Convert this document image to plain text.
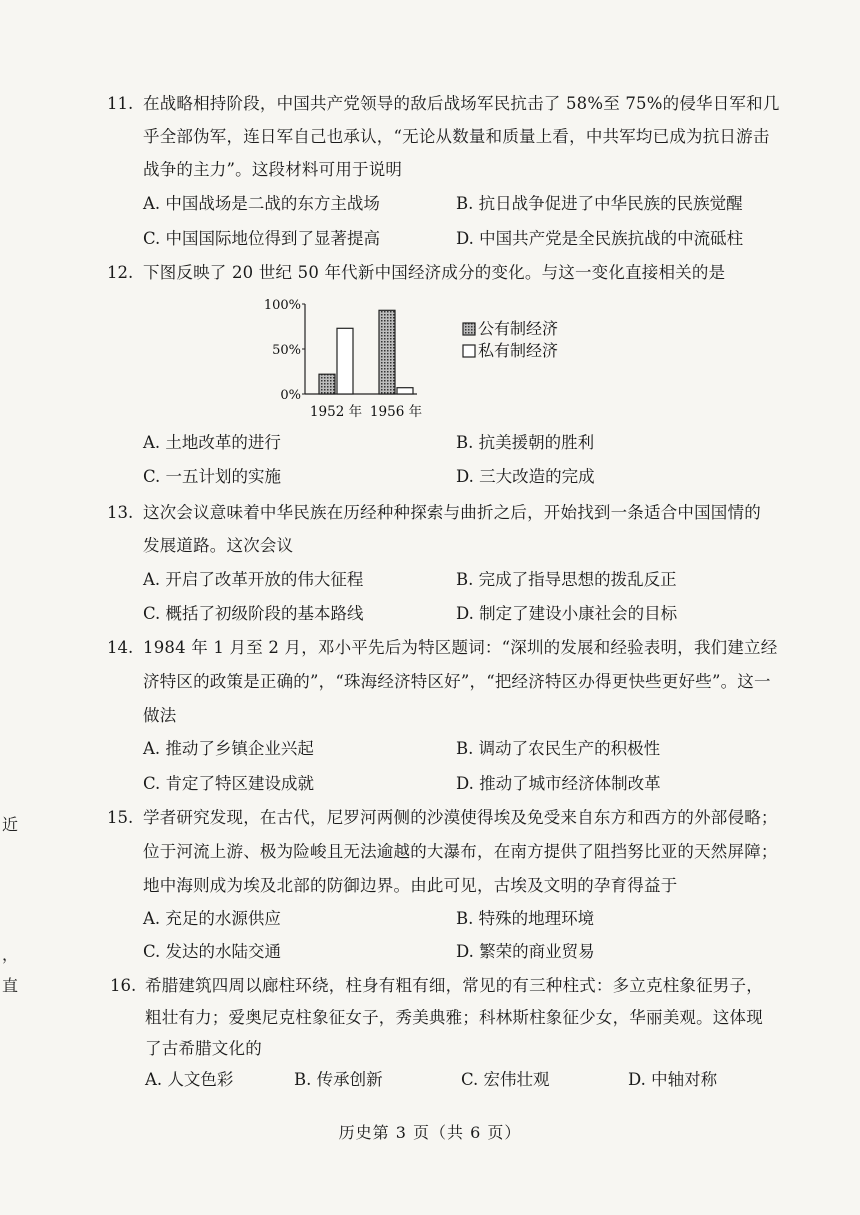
近
，
直
11. 在战略相持阶段，中国共产党领导的敌后战场军民抗击了 58%至 75%的侵华日军和几
乎全部伪军，连日军自己也承认，“无论从数量和质量上看，中共军均已成为抗日游击
战争的主力”。这段材料可用于说明
A. 中国战场是二战的东方主战场	B. 抗日战争促进了中华民族的民族觉醒
C. 中国国际地位得到了显著提高	D. 中国共产党是全民族抗战的中流砥柱
12. 下图反映了 20 世纪 50 年代新中国经济成分的变化。与这一变化直接相关的是
100%
50%
0%
1952 年 1956 年
公有制经济
私有制经济
A. 土地改革的进行	B. 抗美援朝的胜利
C. 一五计划的实施	D. 三大改造的完成
13. 这次会议意味着中华民族在历经种种探索与曲折之后，开始找到一条适合中国国情的
发展道路。这次会议
A. 开启了改革开放的伟大征程	B. 完成了指导思想的拨乱反正
C. 概括了初级阶段的基本路线	D. 制定了建设小康社会的目标
14. 1984 年 1 月至 2 月，邓小平先后为特区题词：“深圳的发展和经验表明，我们建立经
济特区的政策是正确的”，“珠海经济特区好”，“把经济特区办得更快些更好些”。这一
做法
A. 推动了乡镇企业兴起	B. 调动了农民生产的积极性
C. 肯定了特区建设成就	D. 推动了城市经济体制改革
15. 学者研究发现，在古代，尼罗河两侧的沙漠使得埃及免受来自东方和西方的外部侵略；
位于河流上游、极为险峻且无法逾越的大瀑布，在南方提供了阻挡努比亚的天然屏障；
地中海则成为埃及北部的防御边界。由此可见，古埃及文明的孕育得益于
A. 充足的水源供应	B. 特殊的地理环境
C. 发达的水陆交通	D. 繁荣的商业贸易
16. 希腊建筑四周以廊柱环绕，柱身有粗有细，常见的有三种柱式：多立克柱象征男子，
粗壮有力；爱奥尼克柱象征女子，秀美典雅；科林斯柱象征少女，华丽美观。这体现
了古希腊文化的
A. 人文色彩	B. 传承创新	C. 宏伟壮观	D. 中轴对称
历史第 3 页（共 6 页）
